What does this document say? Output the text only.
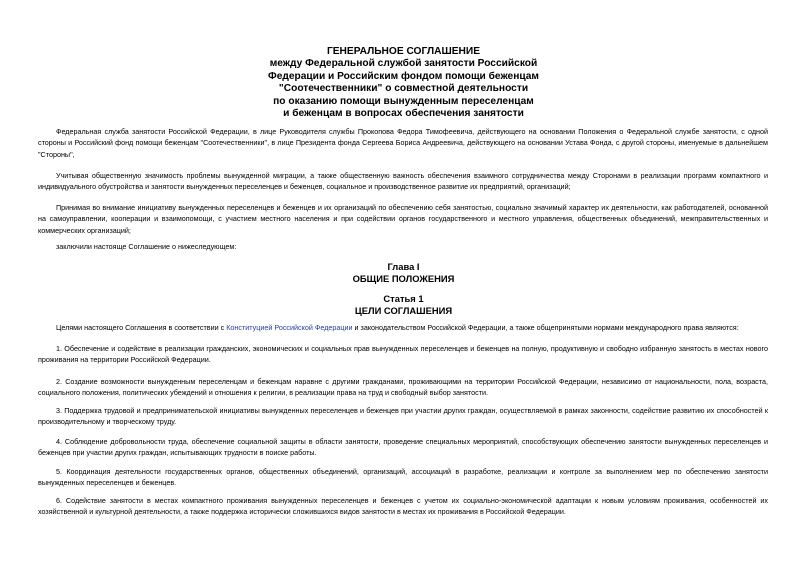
ГЕНЕРАЛЬНОЕ СОГЛАШЕНИЕ
между Федеральной службой занятости Российской
Федерации и Российским фондом помощи беженцам
"Соотечественники" о совместной деятельности
по оказанию помощи вынужденным переселенцам
и беженцам в вопросах обеспечения занятости

Федеральная служба занятости Российской Федерации, в лице Руководителя службы Прокопова Федора Тимофеевича, действующего на основании Положения о Федеральной службе занятости, с одной стороны и Российский фонд помощи беженцам "Соотечественники", в лице Президента фонда Сергеева Бориса Андреевича, действующего на основании Устава Фонда, с другой стороны, именуемые в дальнейшем "Стороны",

Учитывая общественную значимость проблемы вынужденной миграции, а также общественную важность обеспечения взаимного сотрудничества между Сторонами в реализации программ компактного и индивидуального обустройства и занятости вынужденных переселенцев и беженцев, социальное и производственное развитие их предприятий, организаций;

Принимая во внимание инициативу вынужденных переселенцев и беженцев и их организаций по обеспечению себя занятостью, социально значимый характер их деятельности, как работодателей, основанной на самоуправлении, кооперации и взаимопомощи, с участием местного населения и при содействии органов государственного и местного управления, общественных объединений, межправительственных и коммерческих организаций;

заключили настояще Соглашение о нижеследующем:

Глава I
ОБЩИЕ ПОЛОЖЕНИЯ
Статья 1
ЦЕЛИ СОГЛАШЕНИЯ

Целями настоящего Соглашения в соответствии с Конституцией Российской Федерации и законодательством Российской Федерации, а также общепринятыми нормами международного права являются:

1. Обеспечение и содействие в реализации гражданских, экономических и социальных прав вынужденных переселенцев и беженцев на полную, продуктивную и свободно избранную занятость в местах нового проживания на территории Российской Федерации.

2. Создание возможности вынужденным переселенцам и беженцам наравне с другими гражданами, проживающими на территории Российской Федерации, независимо от национальности, пола, возраста, социального положения, политических убеждений и отношения к религии, в реализации права на труд и свободный выбор занятости.

3. Поддержка трудовой и предпринимательской инициативы вынужденных переселенцев и беженцев при участии других граждан, осуществляемой в рамках законности, содействие развитию их способностей к производительному и творческому труду.

4. Соблюдение добровольности труда, обеспечение социальной защиты в области занятости, проведение специальных мероприятий, способствующих обеспечению занятости вынужденных переселенцев и беженцев при участии других граждан, испытывающих трудности в поиске работы.

5. Координация деятельности государственных органов, общественных объединений, организаций, ассоциаций в разработке, реализации и контроле за выполнением мер по обеспечению занятости вынужденных переселенцев и беженцев.

6. Содействие занятости в местах компактного проживания вынужденных переселенцев и беженцев с учетом их социально-экономической адаптации к новым условиям проживания, особенностей их хозяйственной и культурной деятельности, а также поддержка исторически сложившихся видов занятости в местах их проживания в Российской Федерации.
